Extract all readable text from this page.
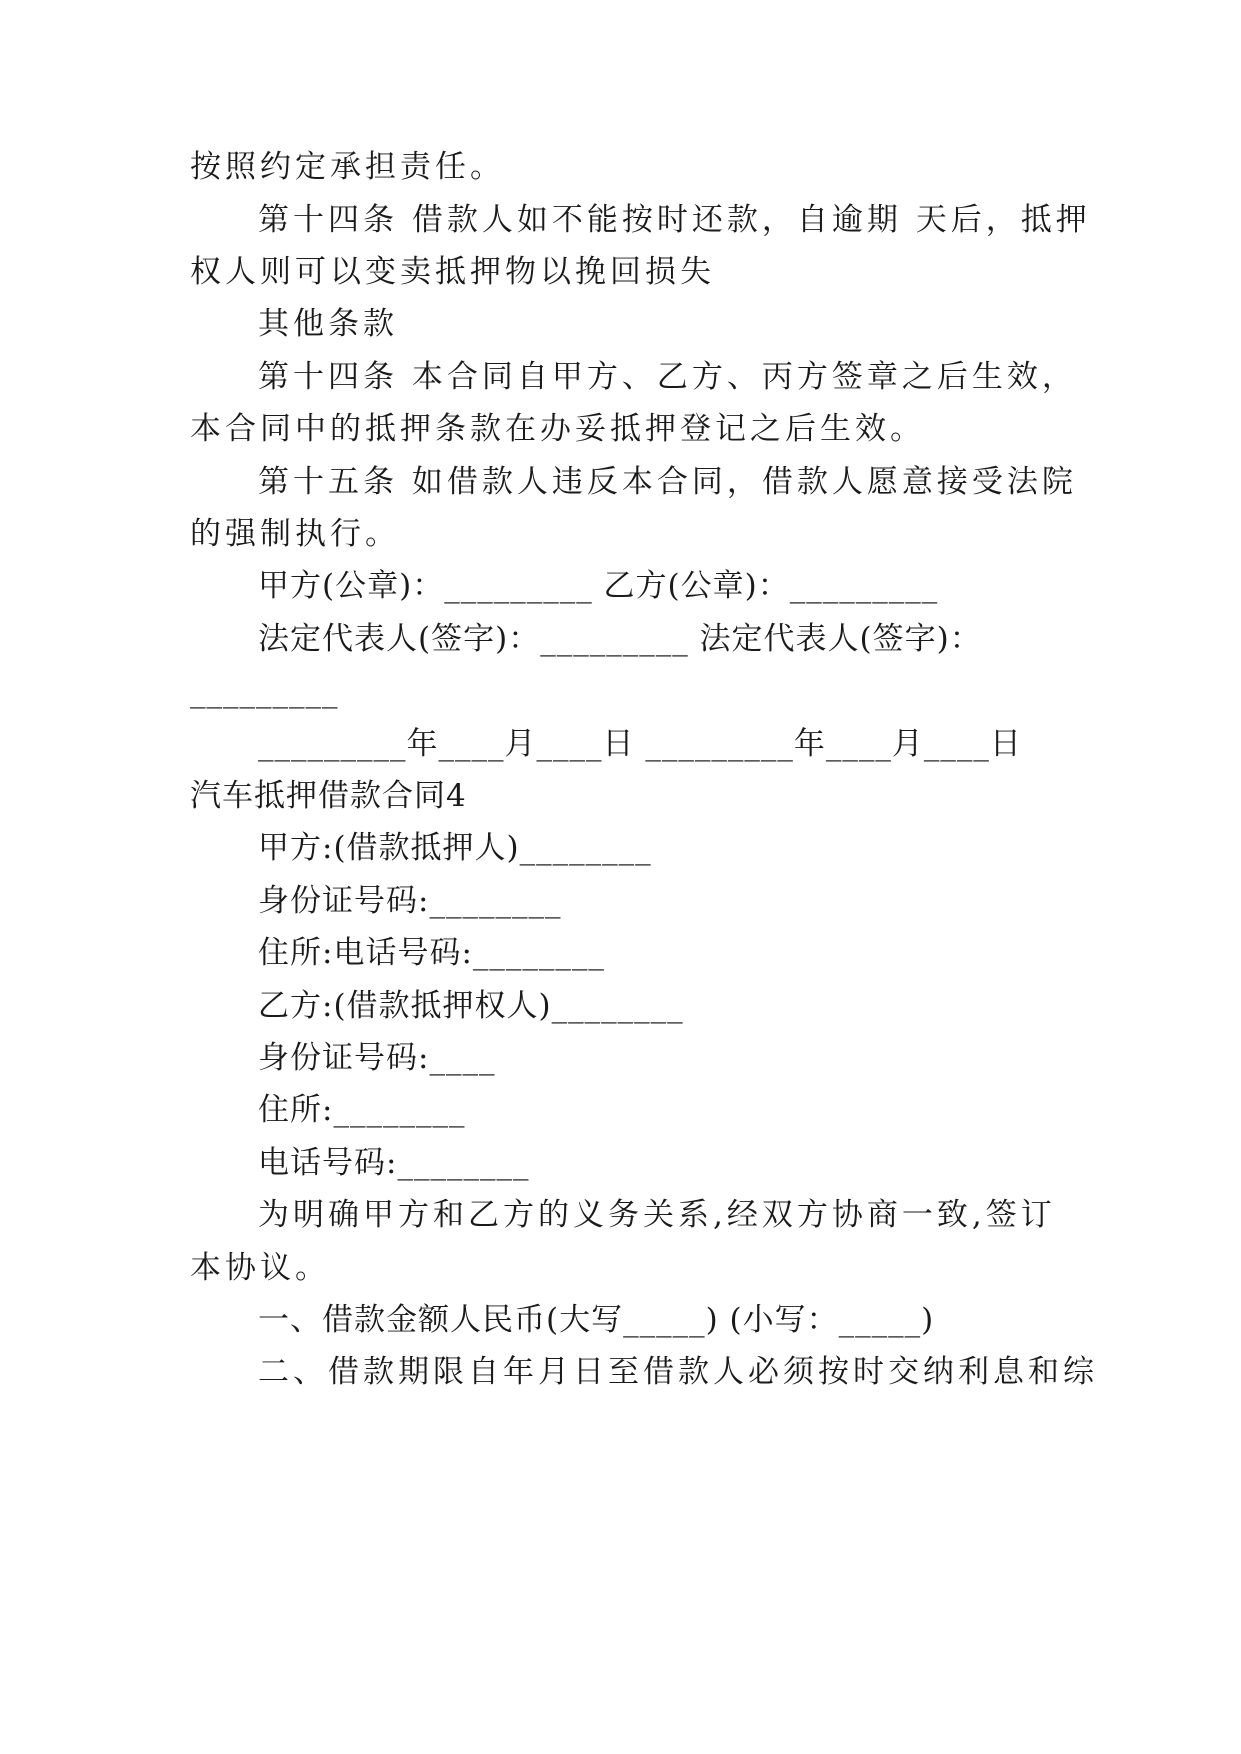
按照约定承担责任。
第十四条 借款人如不能按时还款，自逾期 天后，抵押
权人则可以变卖抵押物以挽回损失
其他条款
第十四条 本合同自甲方、乙方、丙方签章之后生效，
本合同中的抵押条款在办妥抵押登记之后生效。
第十五条 如借款人违反本合同，借款人愿意接受法院
的强制执行。
甲方(公章)：_________ 乙方(公章)：_________
法定代表人(签字)：_________ 法定代表人(签字)：
_________
_________年____月____日 _________年____月____日
汽车抵押借款合同4
甲方:(借款抵押人)________
身份证号码:________
住所:电话号码:________
乙方:(借款抵押权人)________
身份证号码:____
住所:________
电话号码:________
为明确甲方和乙方的义务关系,经双方协商一致,签订
本协议。
一、借款金额人民币(大写_____) (小写：_____)
二、借款期限自年月日至借款人必须按时交纳利息和综
